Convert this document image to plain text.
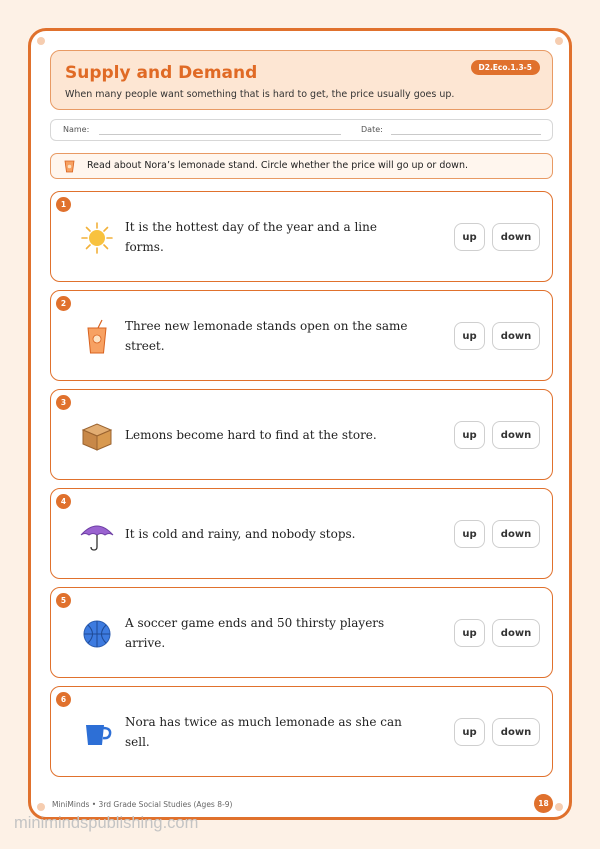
Supply and Demand
When many people want something that is hard to get, the price usually goes up.
D2.Eco.1.3-5
Name:	Date:
Read about Nora’s lemonade stand. Circle whether the price will go up or down.
1
It is the hottest day of the year and a line forms.
up	down
2
Three new lemonade stands open on the same street.
up	down
3
Lemons become hard to find at the store.	up	down
4
It is cold and rainy, and nobody stops.	up	down
5
A soccer game ends and 50 thirsty players arrive.
up	down
6
Nora has twice as much lemonade as she can sell.
up	down
MiniMinds • 3rd Grade Social Studies (Ages 8-9)	18
minimindspublishing.com
